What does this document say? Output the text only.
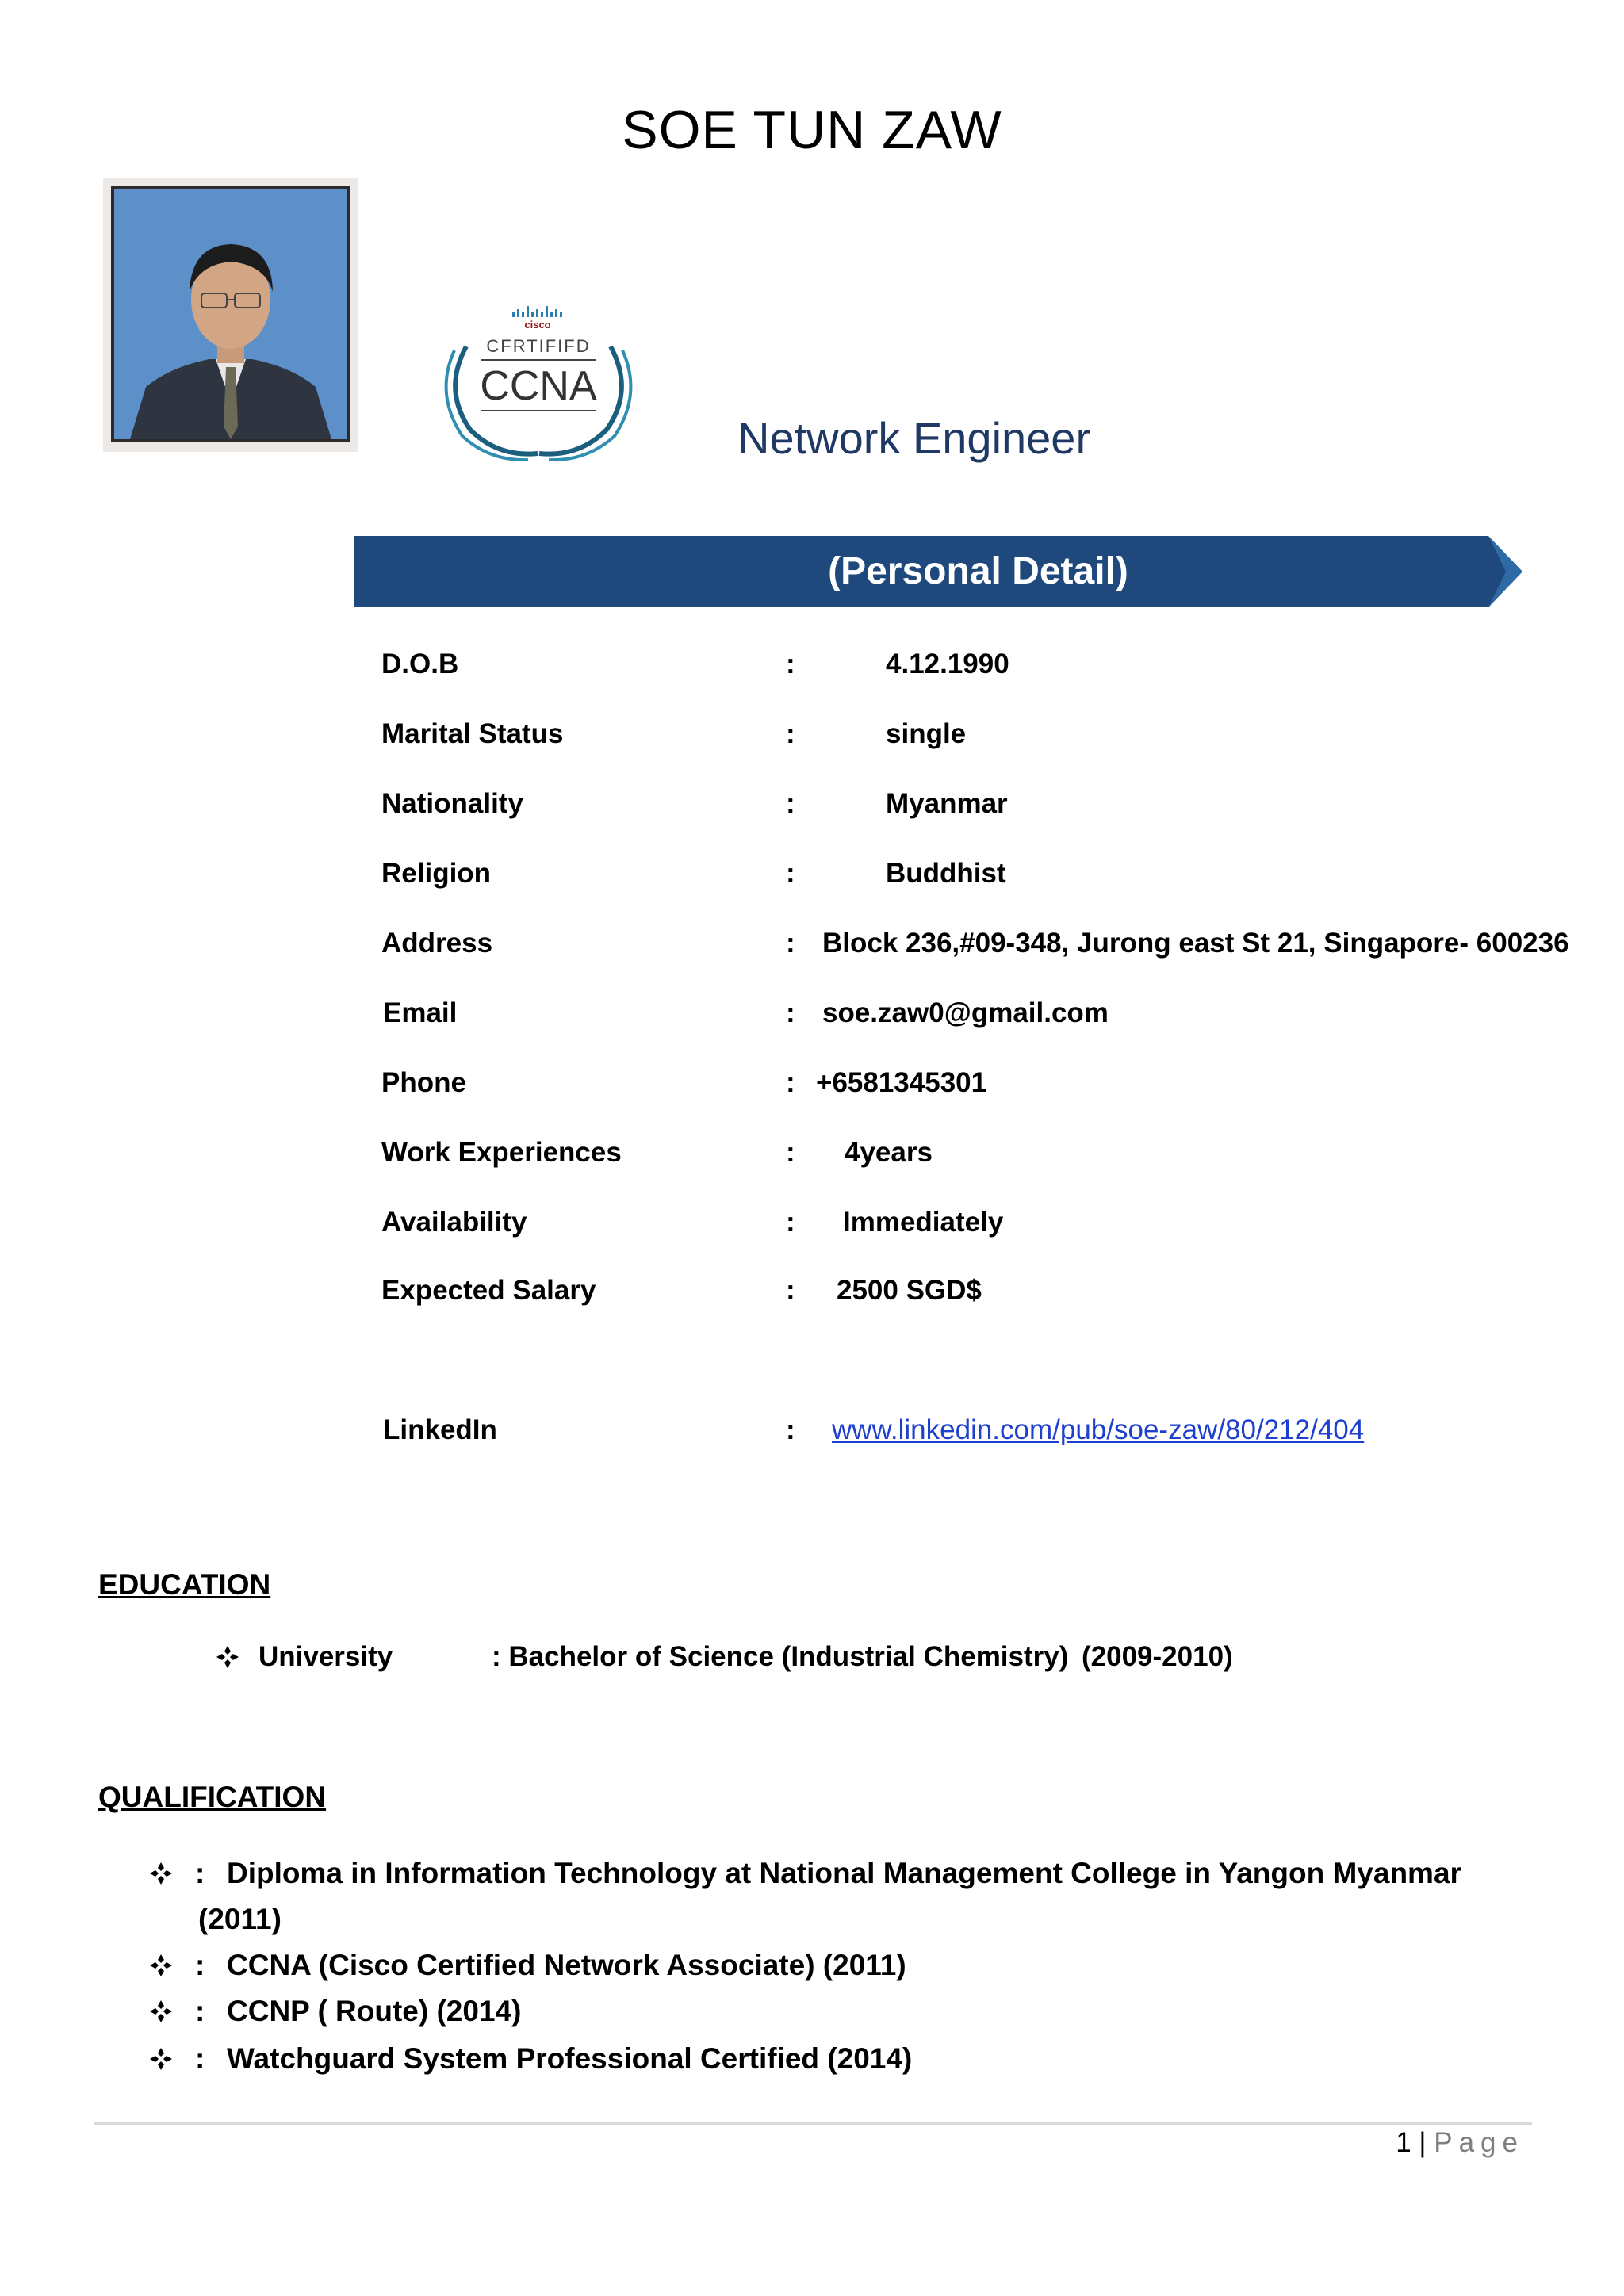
SOE TUN ZAW
cisco
CFRTIFIFD
CCNA
Network Engineer
(Personal Detail)
D.O.B	:	4.12.1990
Marital Status	:	single
Nationality	:	Myanmar
Religion	:	Buddhist
Address	: Block 236,#09-348, Jurong east St 21, Singapore- 600236
Email	: soe.zaw0@gmail.com
Phone	: +6581345301
Work Experiences	: 4years
Availability	: Immediately
Expected Salary	: 2500 SGD$
LinkedIn	: www.linkedin.com/pub/soe-zaw/80/212/404
EDUCATION
University	: Bachelor of Science (Industrial Chemistry) (2009-2010)
QUALIFICATION
: Diploma in Information Technology at National Management College in Yangon Myanmar (2011)
: CCNA (Cisco Certified Network Associate) (2011)
: CCNP ( Route) (2014)
: Watchguard System Professional Certified (2014)
1 | Page
